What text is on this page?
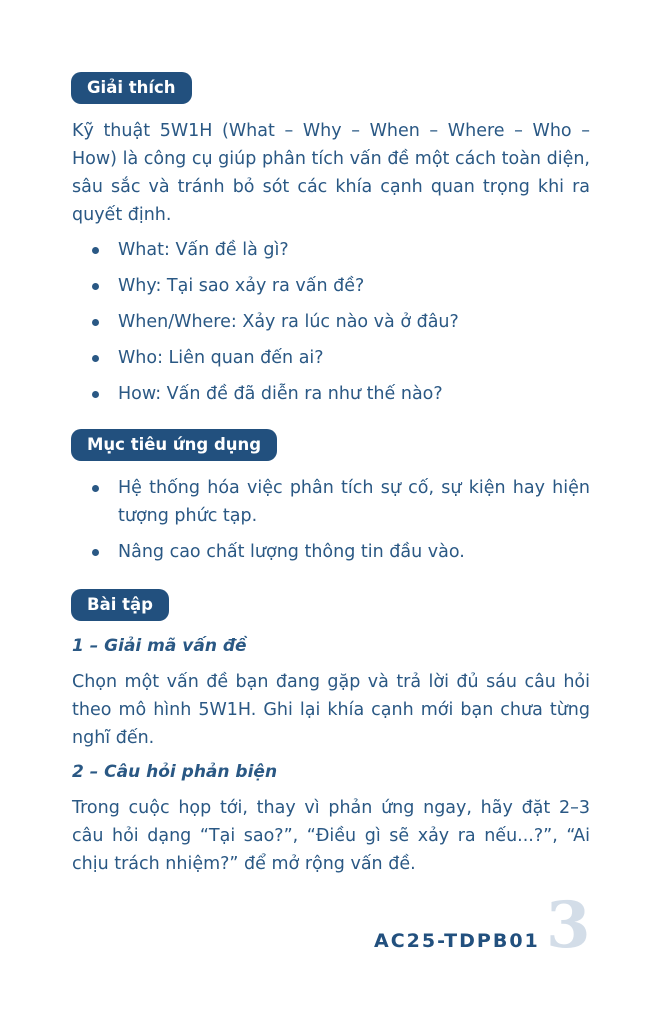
Giải thích
Kỹ thuật 5W1H (What – Why – When – Where – Who – How) là công cụ giúp phân tích vấn đề một cách toàn diện, sâu sắc và tránh bỏ sót các khía cạnh quan trọng khi ra quyết định.
What: Vấn đề là gì?
Why: Tại sao xảy ra vấn đề?
When/Where: Xảy ra lúc nào và ở đâu?
Who: Liên quan đến ai?
How: Vấn đề đã diễn ra như thế nào?
Mục tiêu ứng dụng
Hệ thống hóa việc phân tích sự cố, sự kiện hay hiện tượng phức tạp.
Nâng cao chất lượng thông tin đầu vào.
Bài tập
1 – Giải mã vấn đề
Chọn một vấn đề bạn đang gặp và trả lời đủ sáu câu hỏi theo mô hình 5W1H. Ghi lại khía cạnh mới bạn chưa từng nghĩ đến.
2 – Câu hỏi phản biện
Trong cuộc họp tới, thay vì phản ứng ngay, hãy đặt 2–3 câu hỏi dạng “Tại sao?”, “Điều gì sẽ xảy ra nếu...?”, “Ai chịu trách nhiệm?” để mở rộng vấn đề.
AC25-TDPB01 3
